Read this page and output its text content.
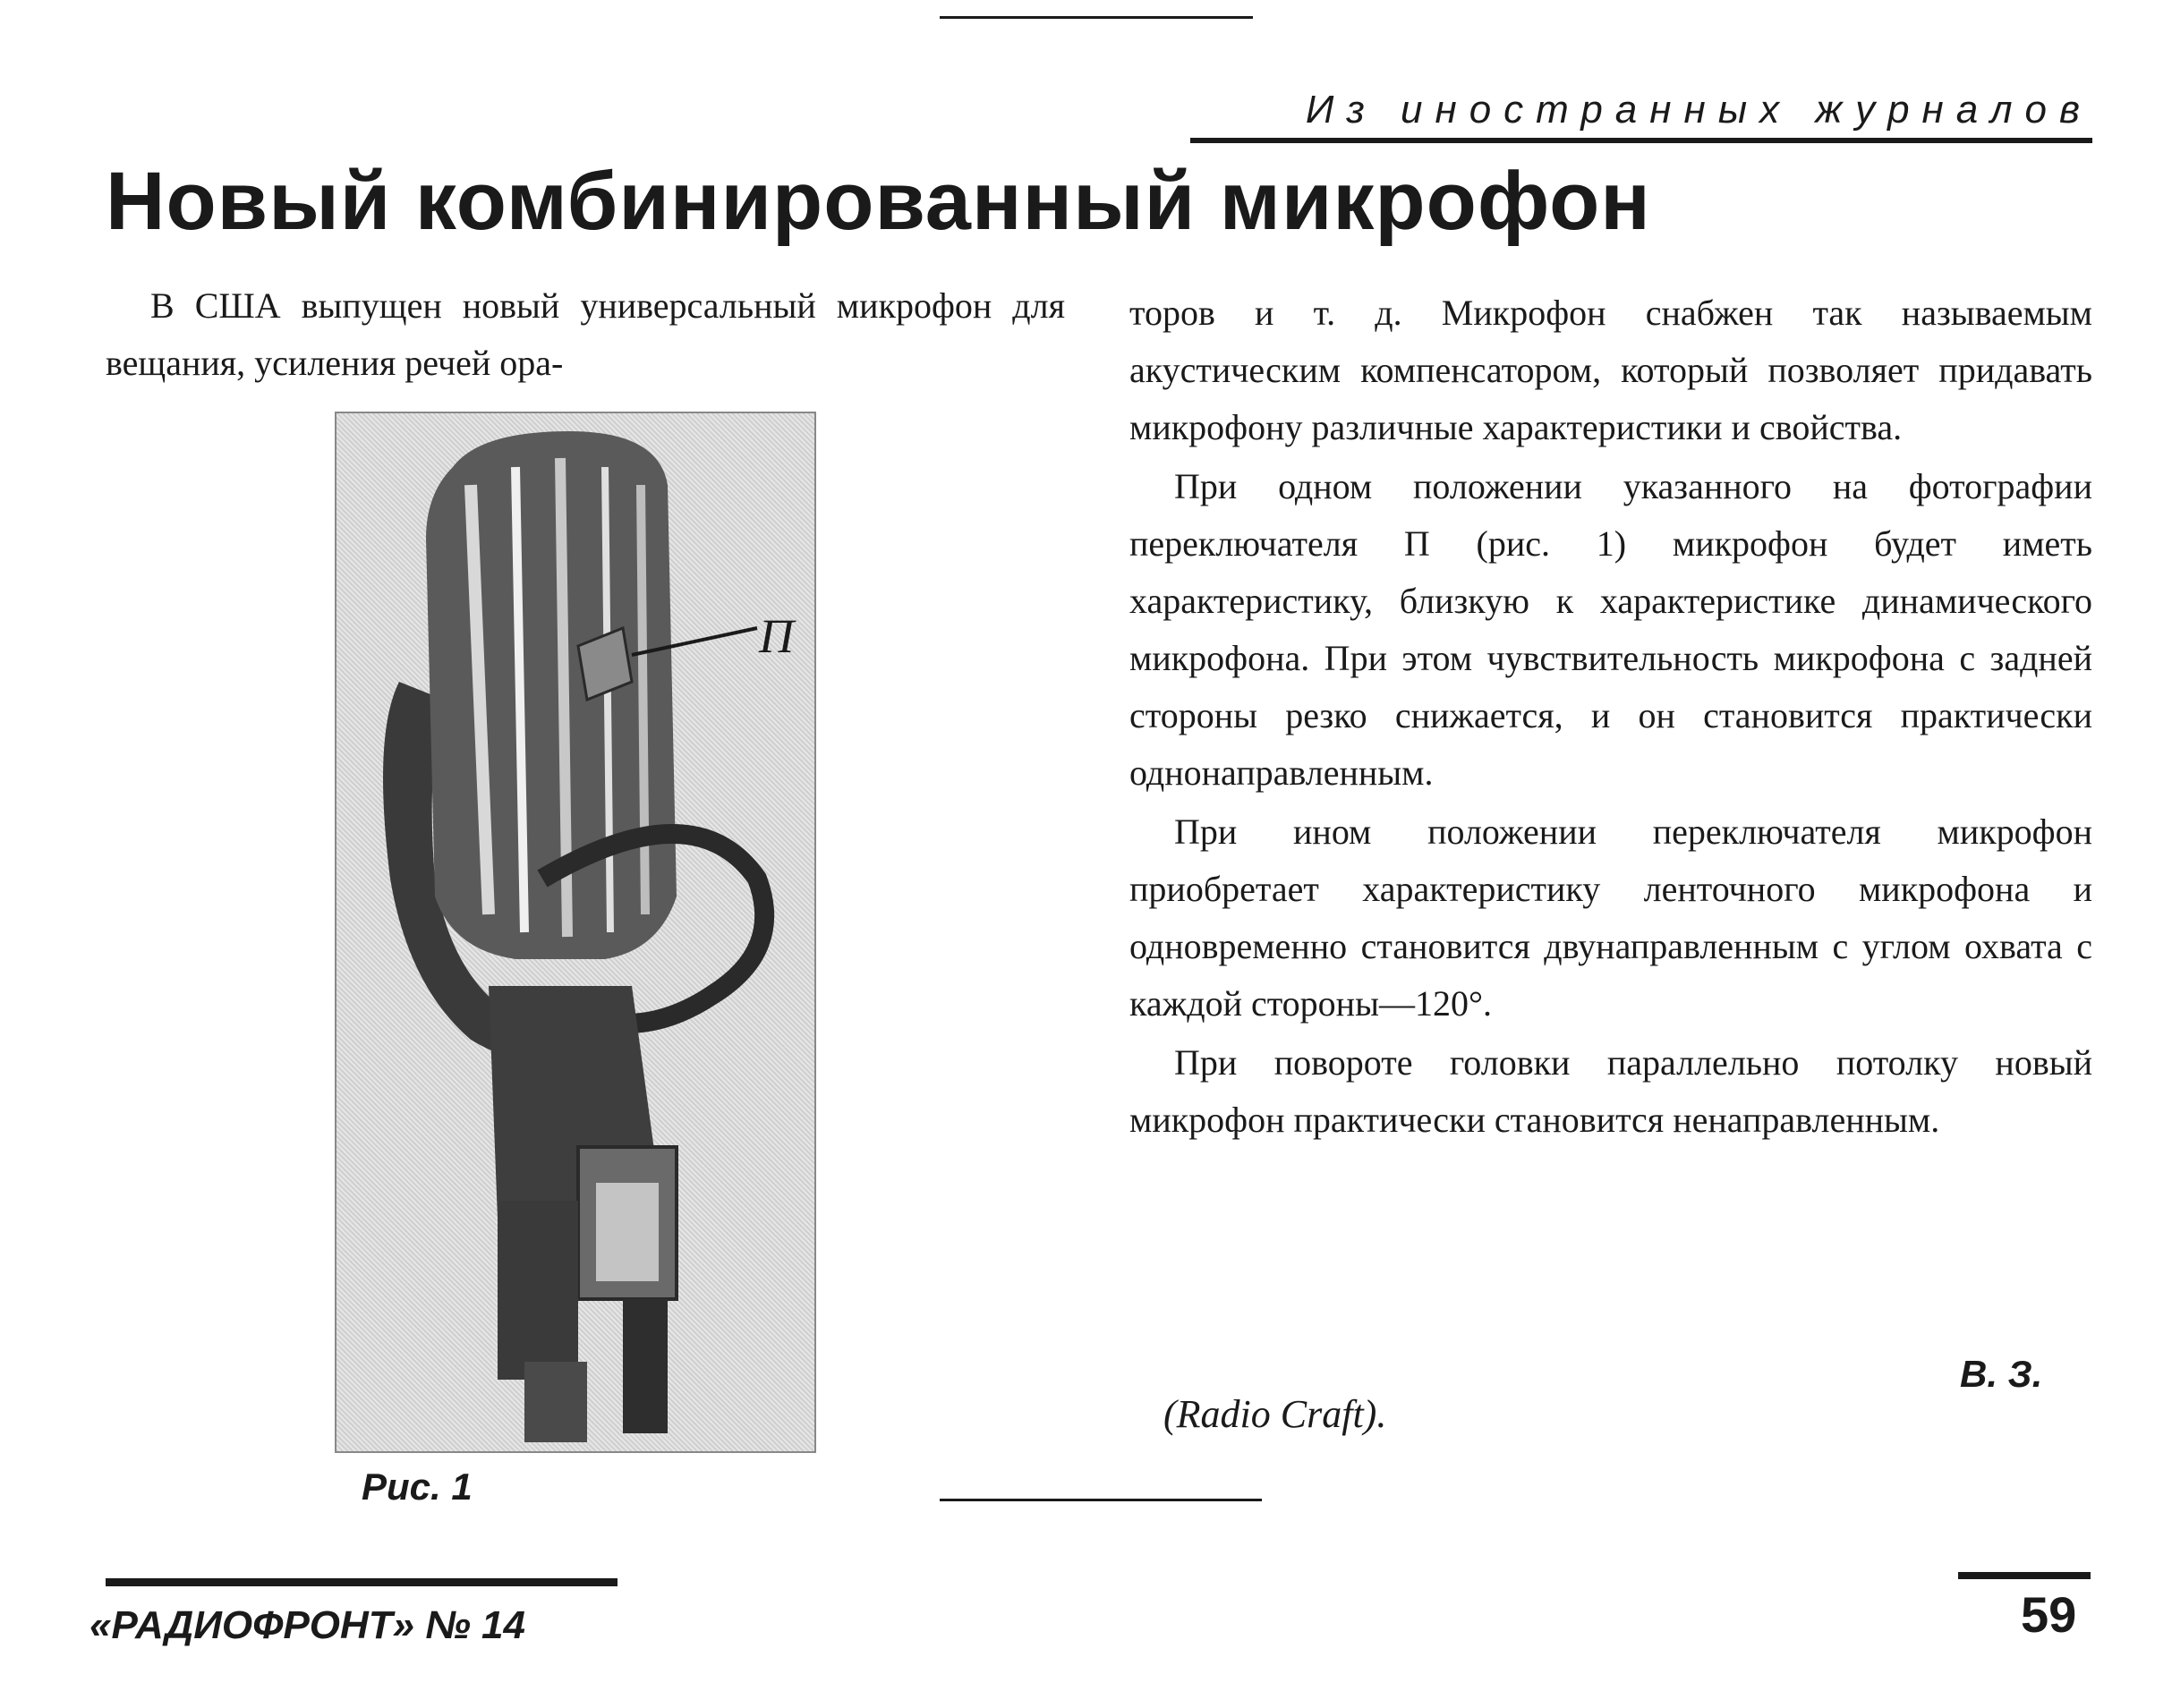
Из иностранных журналов
Новый комбинированный микрофон

В США выпущен новый универсальный микрофон для вещания, усиления речей ора-

П
Рис. 1

торов и т. д. Микрофон снабжен так называемым акустическим компенсатором, который позволяет придавать микрофону различные характеристики и свойства.

При одном положении указанного на фотографии переключателя П (рис. 1) микрофон будет иметь характеристику, близкую к характеристике динамического микрофона. При этом чувствительность микрофона с задней стороны резко снижается, и он становится практически однонаправленным.

При ином положении переключателя микрофон приобретает характеристику ленточного микрофона и одновременно становится двунаправленным с углом охвата с каждой стороны—120°.

При повороте головки параллельно потолку новый микрофон практически становится ненаправленным.

В. З.
(Radio Craft).
«РАДИОФРОНТ» № 14	59
